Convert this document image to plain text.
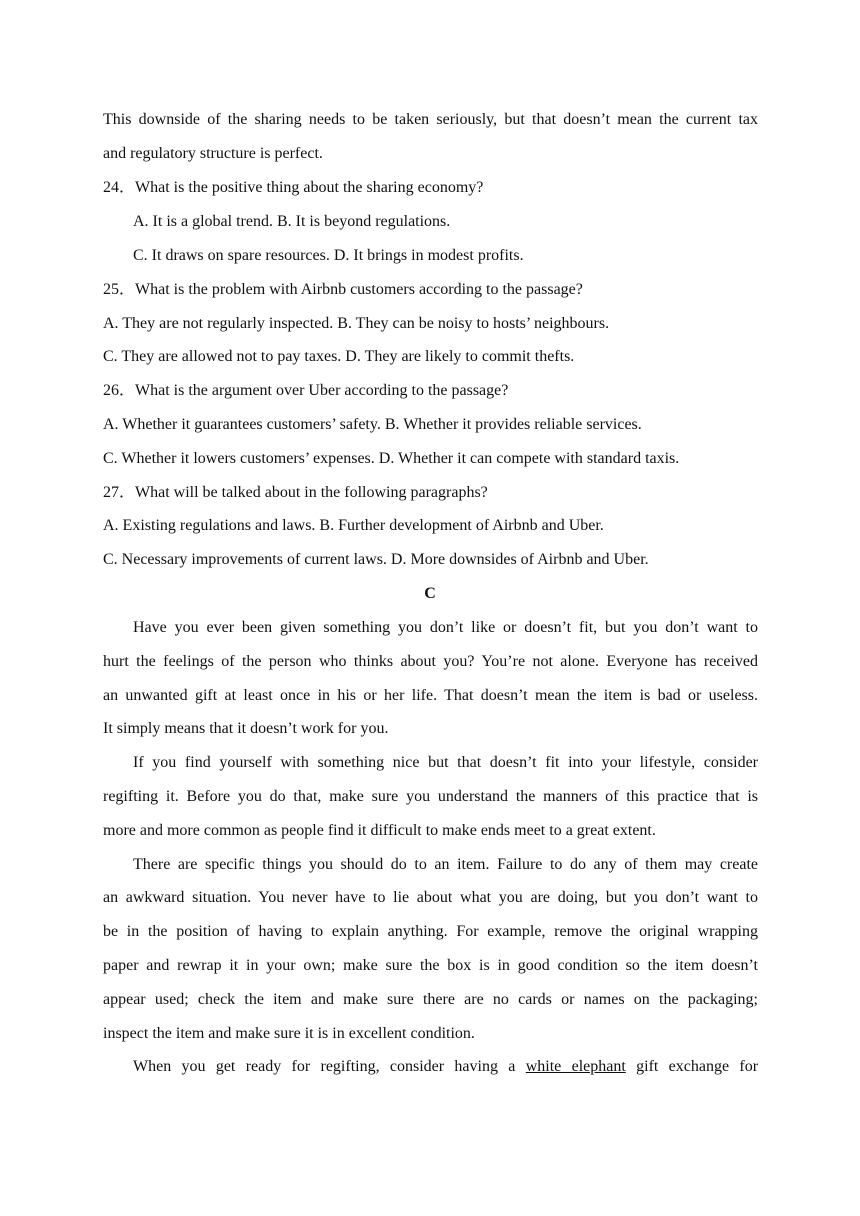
This downside of the sharing needs to be taken seriously, but that doesn’t mean the current tax
and regulatory structure is perfect.
24．What is the positive thing about the sharing economy?
A. It is a global trend. B. It is beyond regulations.
C. It draws on spare resources. D. It brings in modest profits.
25．What is the problem with Airbnb customers according to the passage?
A. They are not regularly inspected. B. They can be noisy to hosts’ neighbours.
C. They are allowed not to pay taxes. D. They are likely to commit thefts.
26．What is the argument over Uber according to the passage?
A. Whether it guarantees customers’ safety. B. Whether it provides reliable services.
C. Whether it lowers customers’ expenses. D. Whether it can compete with standard taxis.
27．What will be talked about in the following paragraphs?
A. Existing regulations and laws. B. Further development of Airbnb and Uber.
C. Necessary improvements of current laws. D. More downsides of Airbnb and Uber.
C
Have you ever been given something you don’t like or doesn’t fit, but you don’t want to
hurt the feelings of the person who thinks about you? You’re not alone. Everyone has received
an unwanted gift at least once in his or her life. That doesn’t mean the item is bad or useless.
It simply means that it doesn’t work for you.
If you find yourself with something nice but that doesn’t fit into your lifestyle, consider
regifting it. Before you do that, make sure you understand the manners of this practice that is
more and more common as people find it difficult to make ends meet to a great extent.
There are specific things you should do to an item. Failure to do any of them may create
an awkward situation. You never have to lie about what you are doing, but you don’t want to
be in the position of having to explain anything. For example, remove the original wrapping
paper and rewrap it in your own; make sure the box is in good condition so the item doesn’t
appear used; check the item and make sure there are no cards or names on the packaging;
inspect the item and make sure it is in excellent condition.
When you get ready for regifting, consider having a white elephant gift exchange for
